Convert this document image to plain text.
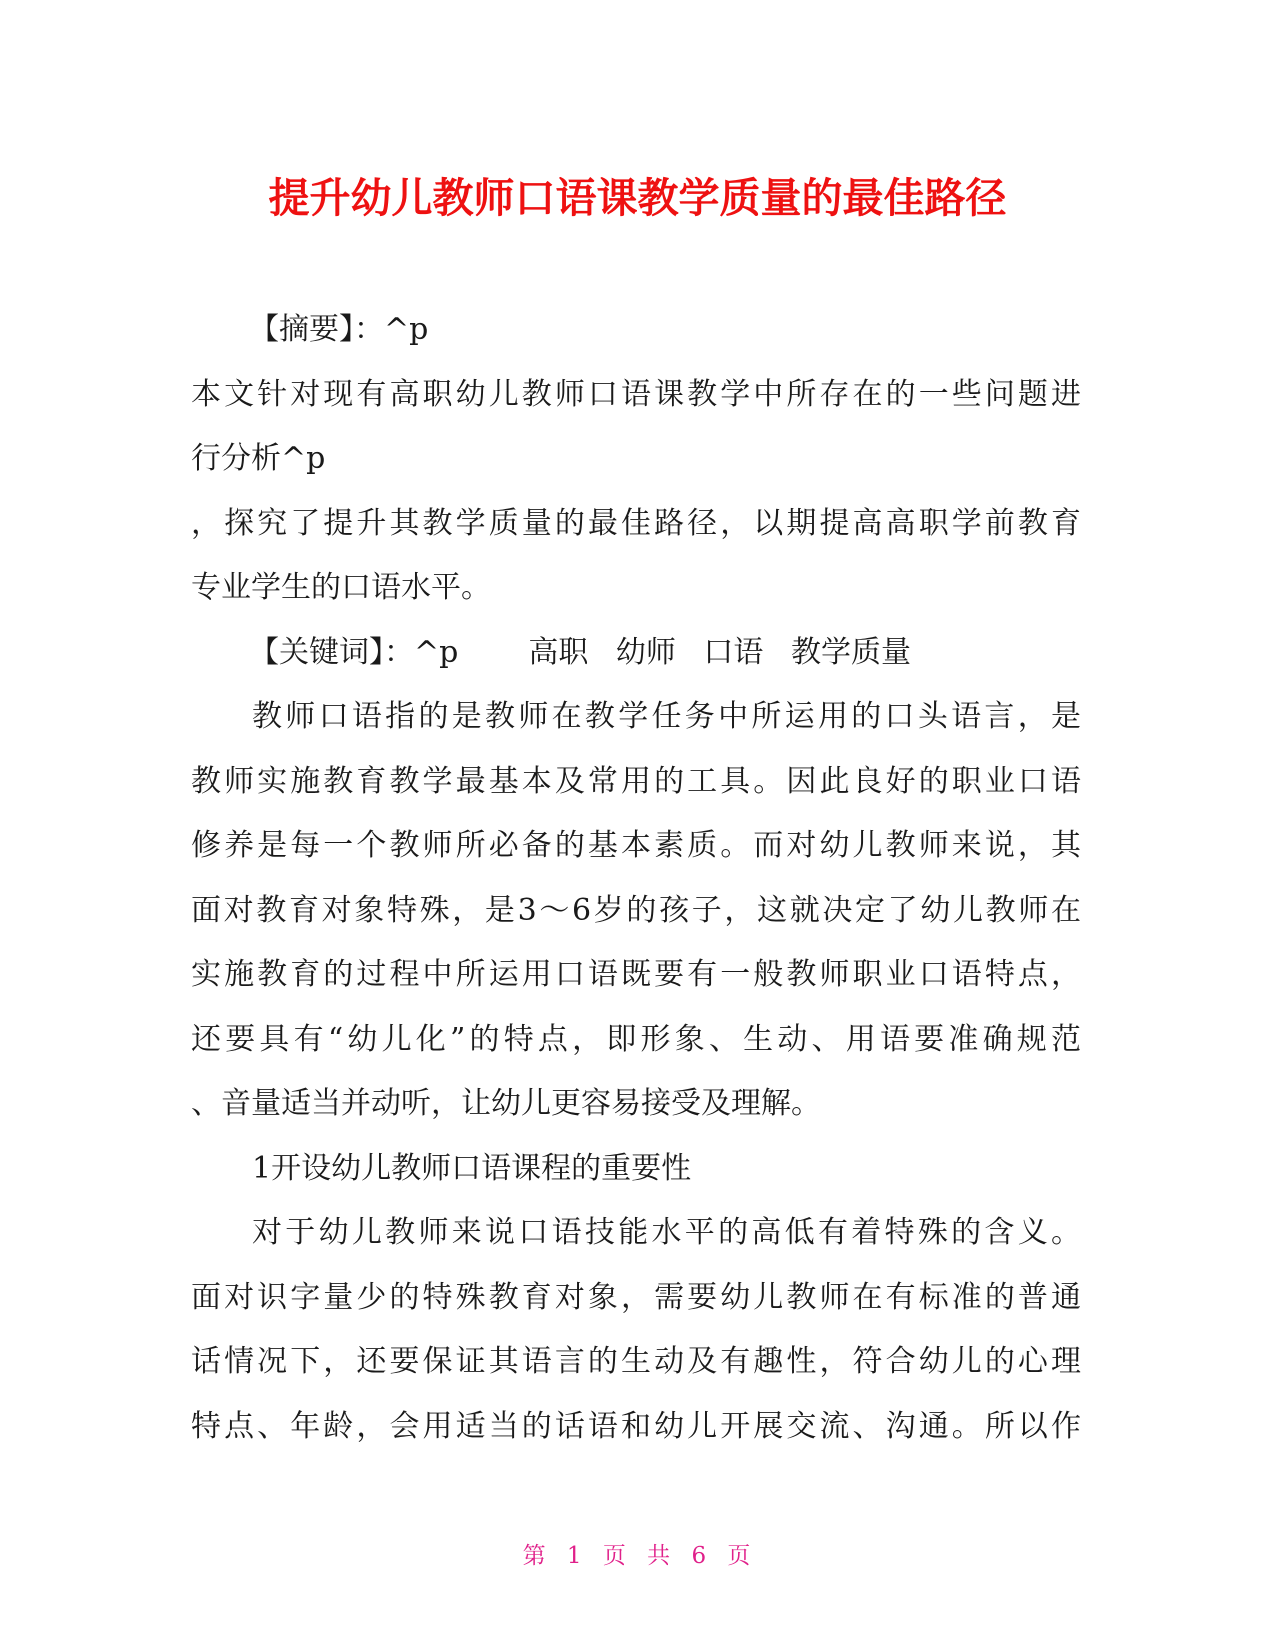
提升幼儿教师口语课教学质量的最佳路径
【摘要】：^p
本文针对现有高职幼儿教师口语课教学中所存在的一些问题进
行分析^p
，探究了提升其教学质量的最佳路径，以期提高高职学前教育
专业学生的口语水平。
【关键词】：^p 高职 幼师 口语 教学质量
教师口语指的是教师在教学任务中所运用的口头语言，是
教师实施教育教学最基本及常用的工具。因此良好的职业口语
修养是每一个教师所必备的基本素质。而对幼儿教师来说，其
面对教育对象特殊，是3～6岁的孩子，这就决定了幼儿教师在
实施教育的过程中所运用口语既要有一般教师职业口语特点，
还要具有“幼儿化”的特点，即形象、生动、用语要准确规范
、音量适当并动听，让幼儿更容易接受及理解。
1开设幼儿教师口语课程的重要性
对于幼儿教师来说口语技能水平的高低有着特殊的含义。
面对识字量少的特殊教育对象，需要幼儿教师在有标准的普通
话情况下，还要保证其语言的生动及有趣性，符合幼儿的心理
特点、年龄，会用适当的话语和幼儿开展交流、沟通。所以作
第 1 页 共 6 页
